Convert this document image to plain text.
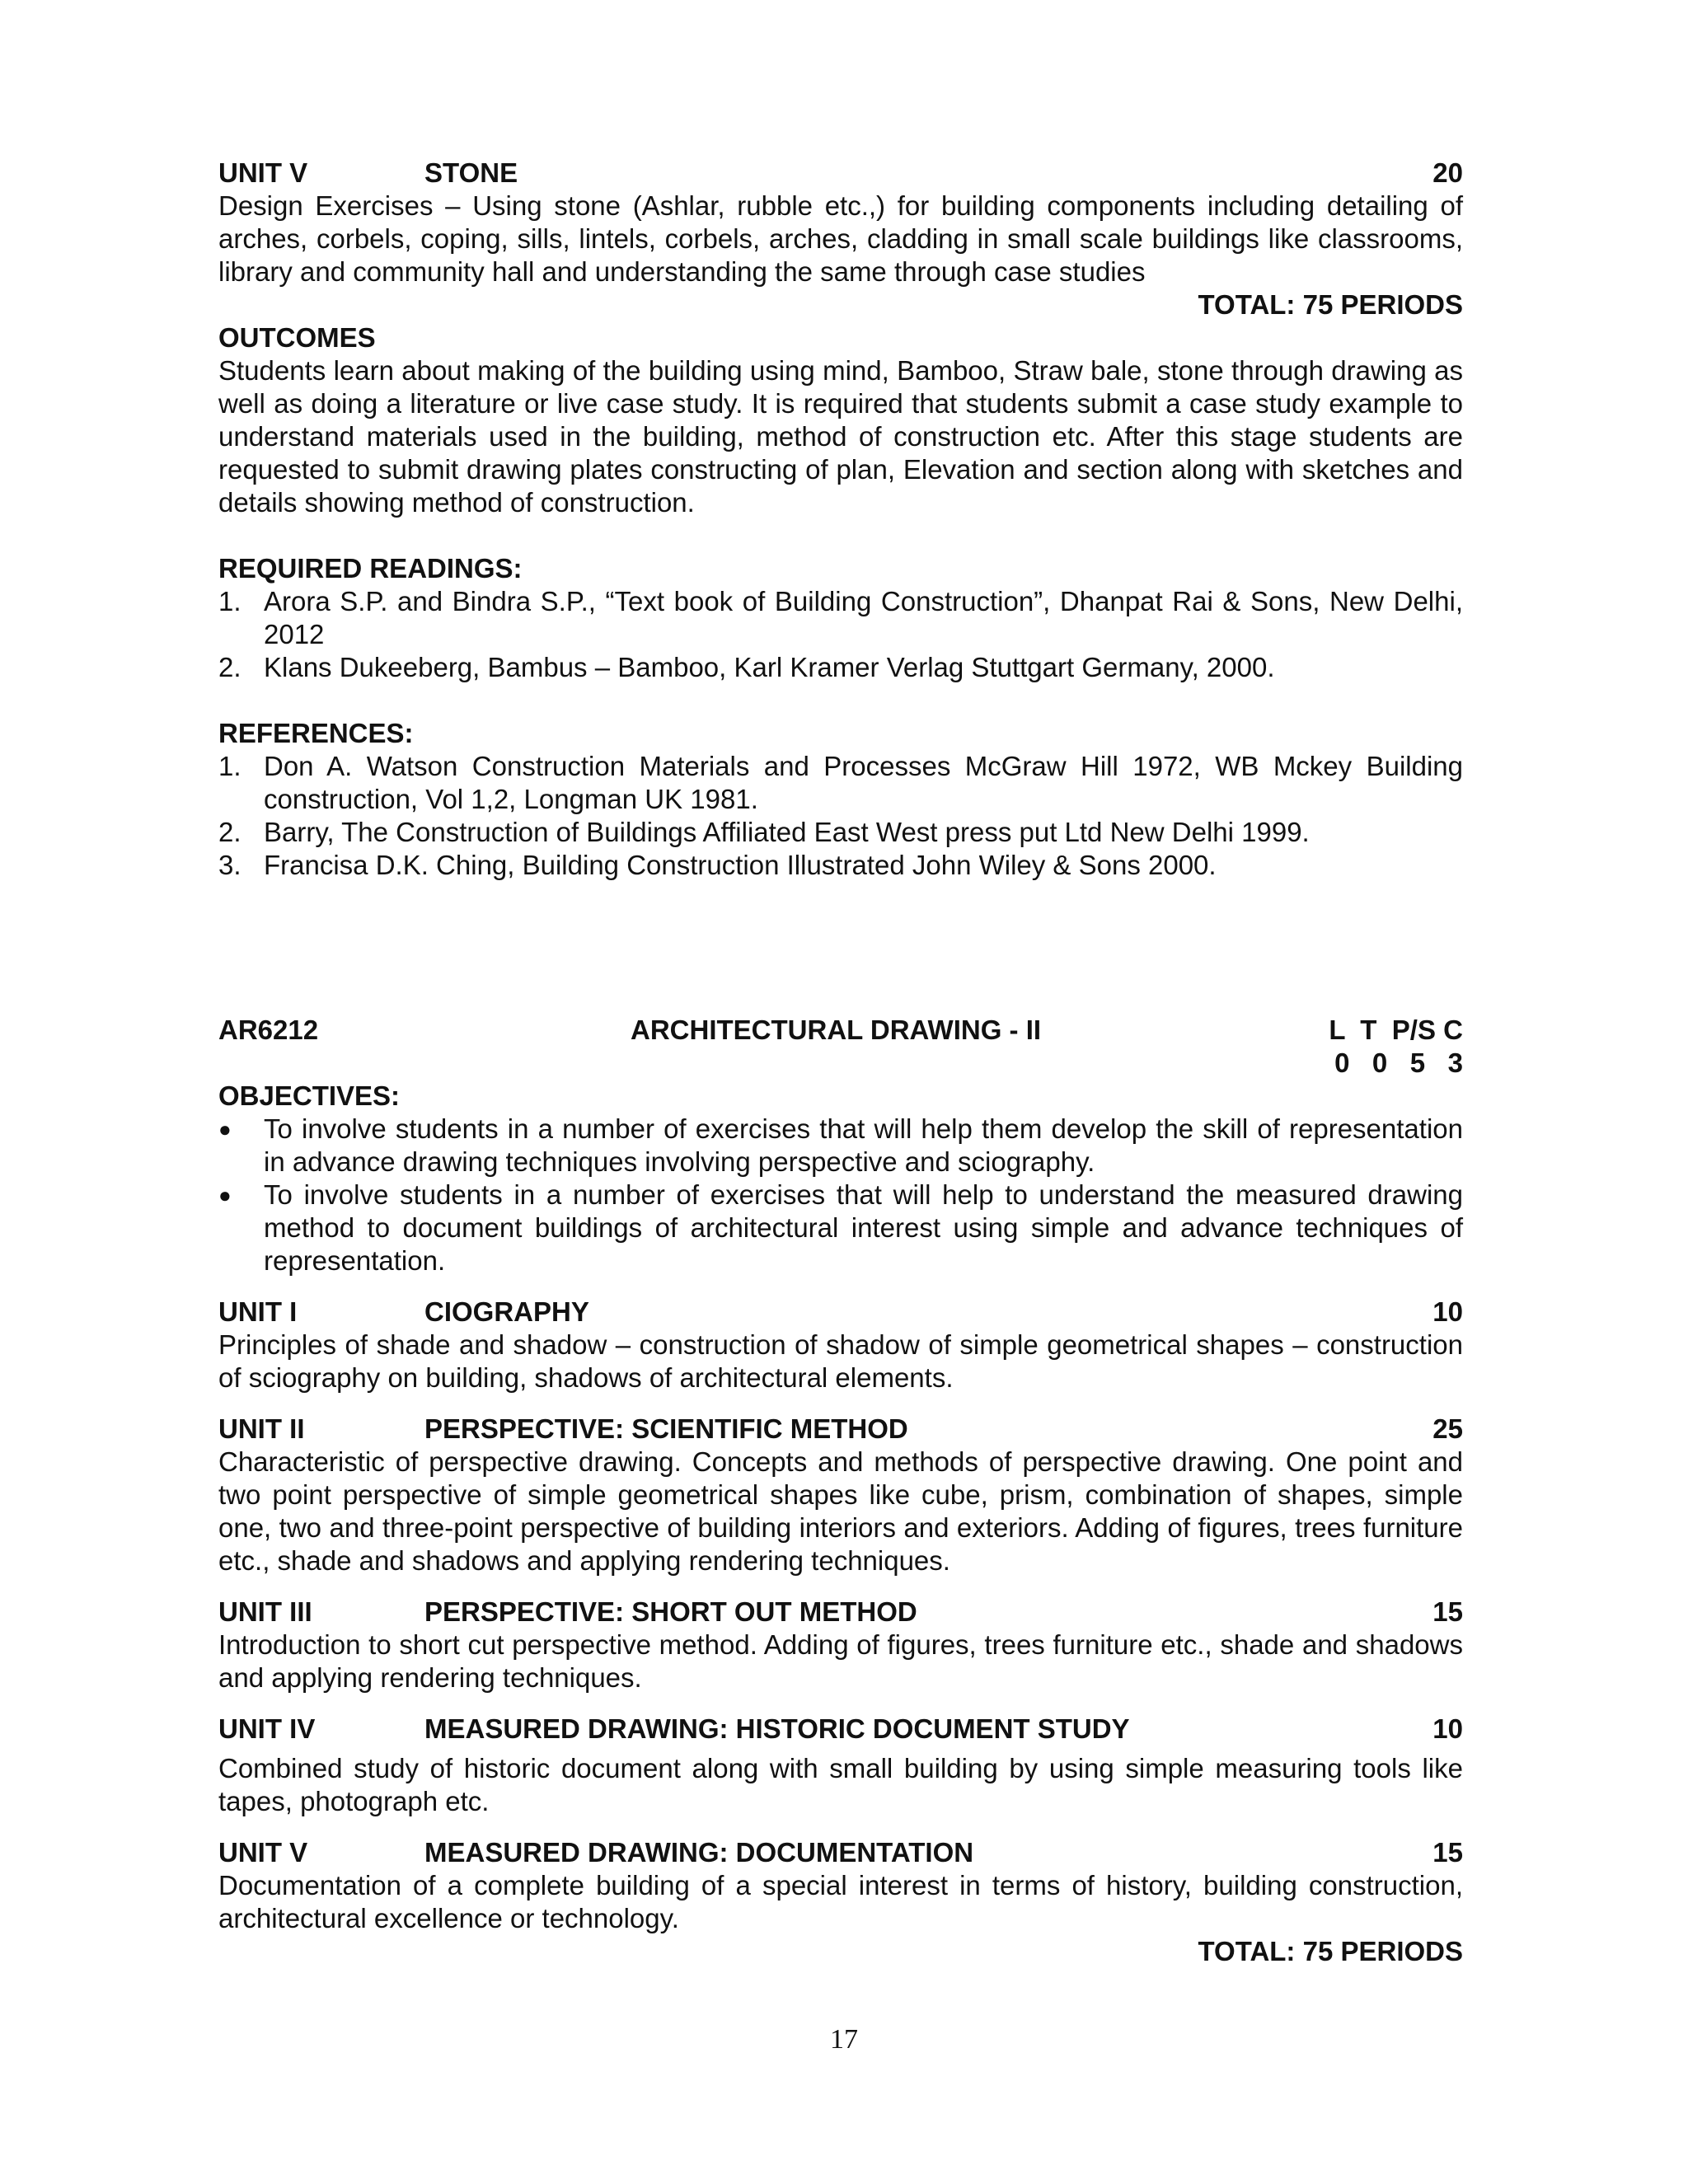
UNIT V	STONE	20
Design Exercises – Using stone (Ashlar, rubble etc.,) for building components including detailing of arches, corbels, coping, sills, lintels, corbels, arches, cladding in small scale buildings like classrooms, library and community hall and understanding the same through case studies
TOTAL: 75 PERIODS
OUTCOMES
Students learn about making of the building using mind, Bamboo, Straw bale, stone through drawing as well as doing a literature or live case study. It is required that students submit a case study example to understand materials used in the building, method of construction etc. After this stage students are requested to submit drawing plates constructing of plan, Elevation and section along with sketches and details showing method of construction.
REQUIRED READINGS:
1. Arora S.P. and Bindra S.P., “Text book of Building Construction”, Dhanpat Rai & Sons, New Delhi, 2012
2. Klans Dukeeberg, Bambus – Bamboo, Karl Kramer Verlag Stuttgart Germany, 2000.
REFERENCES:
1. Don A. Watson Construction Materials and Processes McGraw Hill 1972, WB Mckey Building construction, Vol 1,2, Longman UK 1981.
2. Barry, The Construction of Buildings Affiliated East West press put Ltd New Delhi 1999.
3. Francisa D.K. Ching, Building Construction Illustrated John Wiley & Sons 2000.
AR6212	ARCHITECTURAL DRAWING - II	L  T  P/S C
0   0   5   3
OBJECTIVES:
●	To involve students in a number of exercises that will help them develop the skill of representation in advance drawing techniques involving perspective and sciography.
●	To involve students in a number of exercises that will help to understand the measured drawing method to document buildings of architectural interest using simple and advance techniques of representation.
UNIT I	CIOGRAPHY	10
Principles of shade and shadow – construction of shadow of simple geometrical shapes – construction of sciography on building, shadows of architectural elements.
UNIT II	PERSPECTIVE: SCIENTIFIC METHOD	25
Characteristic of perspective drawing. Concepts and methods of perspective drawing. One point and two point perspective of simple geometrical shapes like cube, prism, combination of shapes, simple one, two and three-point perspective of building interiors and exteriors. Adding of figures, trees furniture etc., shade and shadows and applying rendering techniques.
UNIT III	PERSPECTIVE: SHORT OUT METHOD	15
Introduction to short cut perspective method. Adding of figures, trees furniture etc., shade and shadows and applying rendering techniques.
UNIT IV	MEASURED DRAWING: HISTORIC DOCUMENT STUDY	10
Combined study of historic document along with small building by using simple measuring tools like tapes, photograph etc.
UNIT V	MEASURED DRAWING: DOCUMENTATION	15
Documentation of a complete building of a special interest in terms of history, building construction, architectural excellence or technology.
TOTAL: 75 PERIODS
17
